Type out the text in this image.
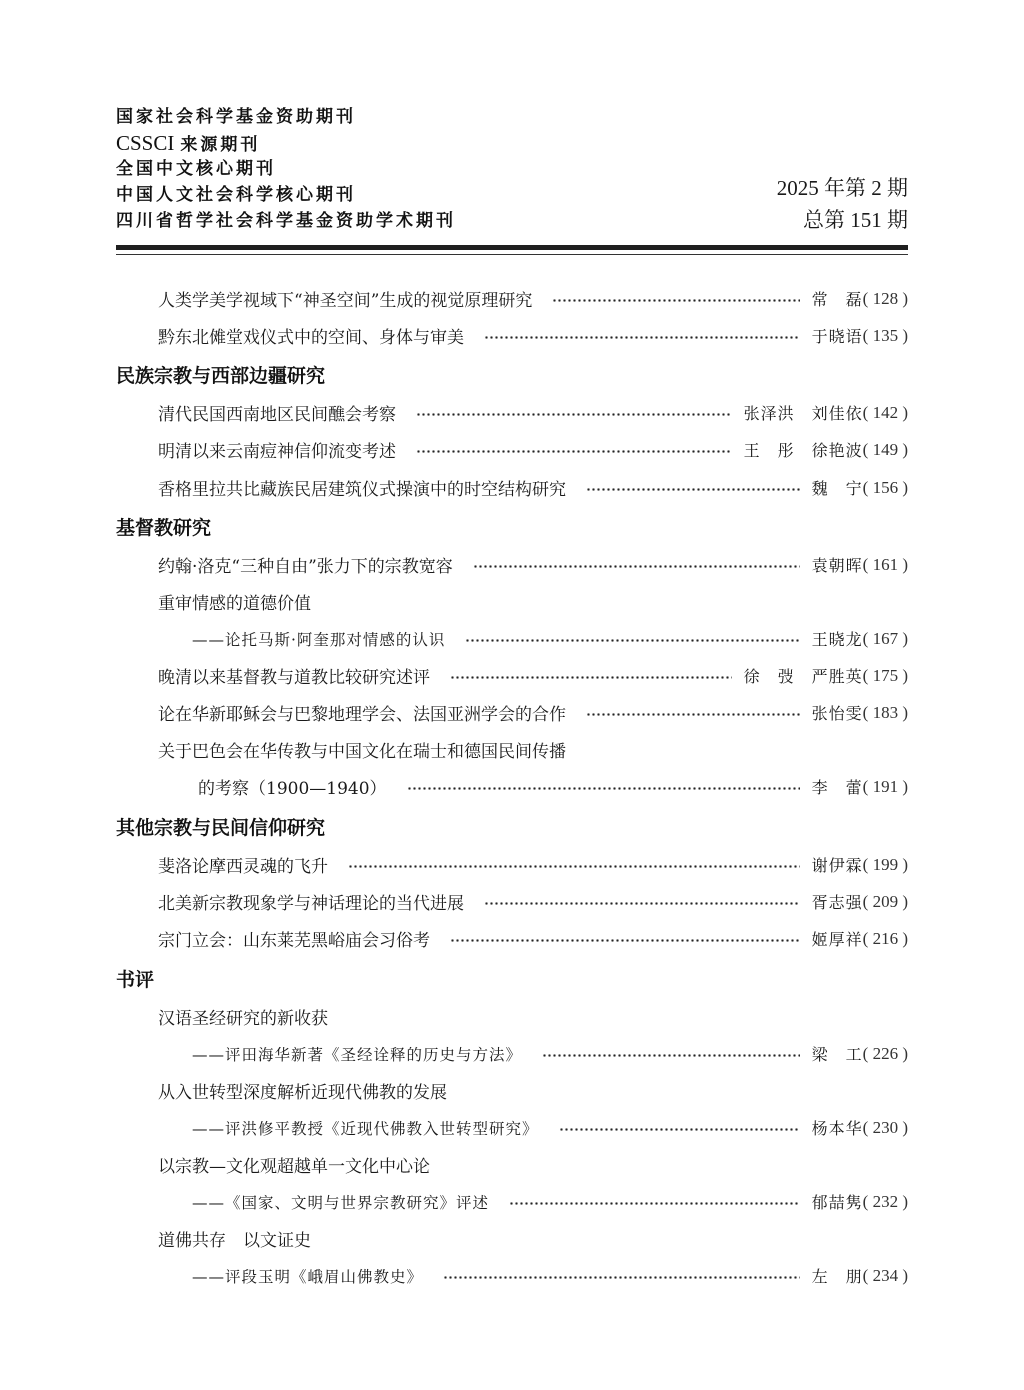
国家社会科学基金资助期刊
CSSCI 来源期刊
全国中文核心期刊
中国人文社会科学核心期刊
四川省哲学社会科学基金资助学术期刊
2025 年第 2 期
总第 151 期
人类学美学视域下“神圣空间”生成的视觉原理研究	常　磊 ( 128 )
黔东北傩堂戏仪式中的空间、身体与审美	于晓语 ( 135 )
民族宗教与西部边疆研究
清代民国西南地区民间醮会考察	张泽洪　刘佳依 ( 142 )
明清以来云南痘神信仰流变考述	王　彤　徐艳波 ( 149 )
香格里拉共比藏族民居建筑仪式操演中的时空结构研究	魏　宁 ( 156 )
基督教研究
约翰·洛克“三种自由”张力下的宗教宽容	袁朝晖 ( 161 )
重审情感的道德价值
——论托马斯·阿奎那对情感的认识	王晓龙 ( 167 )
晚清以来基督教与道教比较研究述评	徐　弢　严胜英 ( 175 )
论在华新耶稣会与巴黎地理学会、法国亚洲学会的合作	张怡雯 ( 183 )
关于巴色会在华传教与中国文化在瑞士和德国民间传播
的考察（1900—1940）	李　蕾 ( 191 )
其他宗教与民间信仰研究
斐洛论摩西灵魂的飞升	谢伊霖 ( 199 )
北美新宗教现象学与神话理论的当代进展	胥志强 ( 209 )
宗门立会：山东莱芜黑峪庙会习俗考	姬厚祥 ( 216 )
书评
汉语圣经研究的新收获
——评田海华新著《圣经诠释的历史与方法》	梁　工 ( 226 )
从入世转型深度解析近现代佛教的发展
——评洪修平教授《近现代佛教入世转型研究》	杨本华 ( 230 )
以宗教—文化观超越单一文化中心论
——《国家、文明与世界宗教研究》评述	郁喆隽 ( 232 )
道佛共存　以文证史
——评段玉明《峨眉山佛教史》	左　朋 ( 234 )
